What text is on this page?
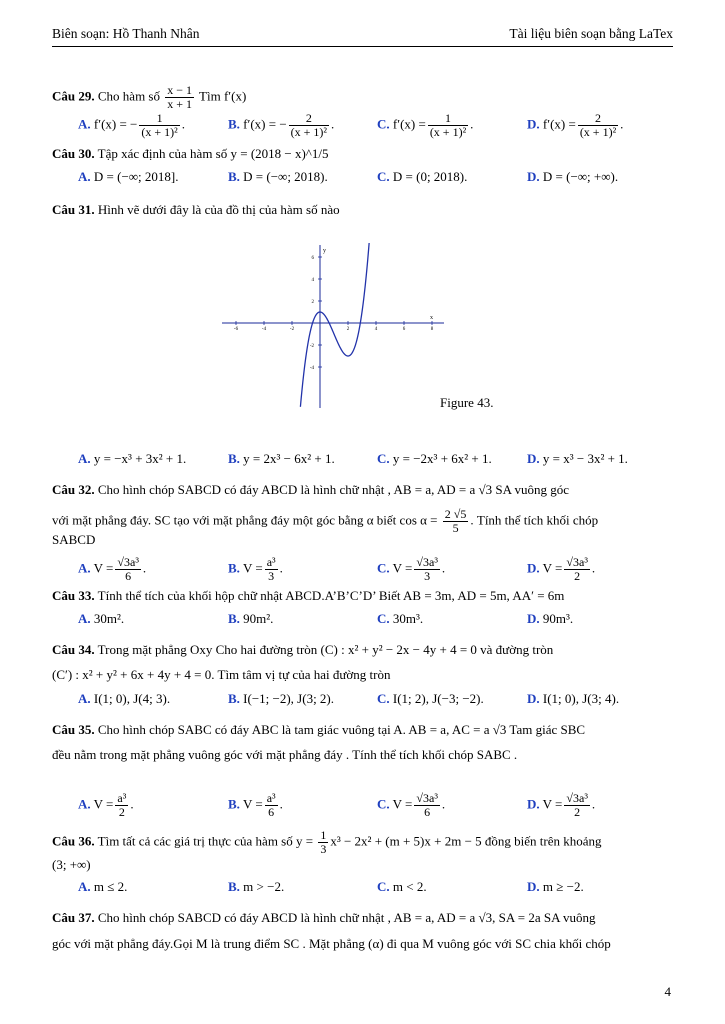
Biên soạn: Hồ Thanh Nhân	Tài liệu biên soạn bằng LaTex
Câu 29. Cho hàm số $\frac{x - 1}{x + 1}$ Tìm f′(x)
A. f′(x) = − $\frac{1}{\text{(x + 1)²}}$ .	B. f′(x) = − $\frac{2}{\text{(x + 1)²}}$ .	C. $f'(x) = \frac{1}{\text{(x + 1)²}}$ .	D. $f'(x) = \frac{2}{\text{(x + 1)²}}$ .
Câu 30. Tập xác định của hàm số y = (2018 − x)^1/5
A. D = (−∞; 2018].	B. D = (−∞; 2018).	C. D = (0; 2018).	D. D = (−∞; +∞).
Câu 31. Hình vẽ dưới đây là của đồ thị của hàm số nào
x
y
-6	-4	-2	2	4	6	8
6
4
2
-2
-4
Figure 43.
A. y = −x³ + 3x² + 1.	B. y = 2x³ − 6x² + 1.	C. y = −2x³ + 6x² + 1.	D. y = x³ − 3x² + 1.
Câu 32. Cho hình chóp SABCD có đáy ABCD là hình chữ nhật , AB = a, AD = a √3 SA vuông góc
với mặt phẳng đáy. SC tạo với mặt phẳng đáy một góc bằng α biết $\cos \alpha = \frac{2 √5}{5}$ . Tính thể tích khối chóp
SABCD
A. $V = \frac{\text{√3a³}}{6}$ .	B. $V = \frac{\text{a³}}{3}$ .	C. $V = \frac{\text{√3a³}}{3}$ .	D. $V = \frac{\text{√3a³}}{2}$ .
Câu 33. Tính thể tích của khối hộp chữ nhật ABCD.A’B’C’D’ Biết AB = 3m, AD = 5m, AA′ = 6m
A. 30m².	B. 90m².	C. 30m³.	D. 90m³.
Câu 34. Trong mặt phẳng Oxy Cho hai đường tròn (C) : x² + y² − 2x − 4y + 4 = 0 và đường tròn
(C′) : x² + y² + 6x + 4y + 4 = 0. Tìm tâm vị tự của hai đường tròn
A. I(1; 0), J(4; 3).	B. I(−1; −2), J(3; 2).	C. I(1; 2), J(−3; −2).	D. I(1; 0), J(3; 4).
Câu 35. Cho hình chóp SABC có đáy ABC là tam giác vuông tại A. AB = a, AC = a √3 Tam giác SBC
đều nằm trong mặt phẳng vuông góc với mặt phẳng đáy . Tính thể tích khối chóp SABC .
A. $V = \frac{\text{a³}}{2}$ .	B. $V = \frac{\text{a³}}{6}$ .	C. $V = \frac{\text{√3a³}}{6}$ .	D. $V = \frac{\text{√3a³}}{2}$ .
Câu 36. Tìm tất cả các giá trị thực của hàm số $y = \frac{1}{3} x^3 - 2x^2 + (m + 5)x + 2m - 5$ đồng biến trên khoảng
(3; +∞)
A. m ≤ 2.	B. m > −2.	C. m < 2.	D. m ≥ −2.
Câu 37. Cho hình chóp SABCD có đáy ABCD là hình chữ nhật , AB = a, AD = a √3, SA = 2a SA vuông
góc với mặt phẳng đáy.Gọi M là trung điểm SC . Mặt phẳng (α) đi qua M vuông góc với SC chia khối chóp
4
